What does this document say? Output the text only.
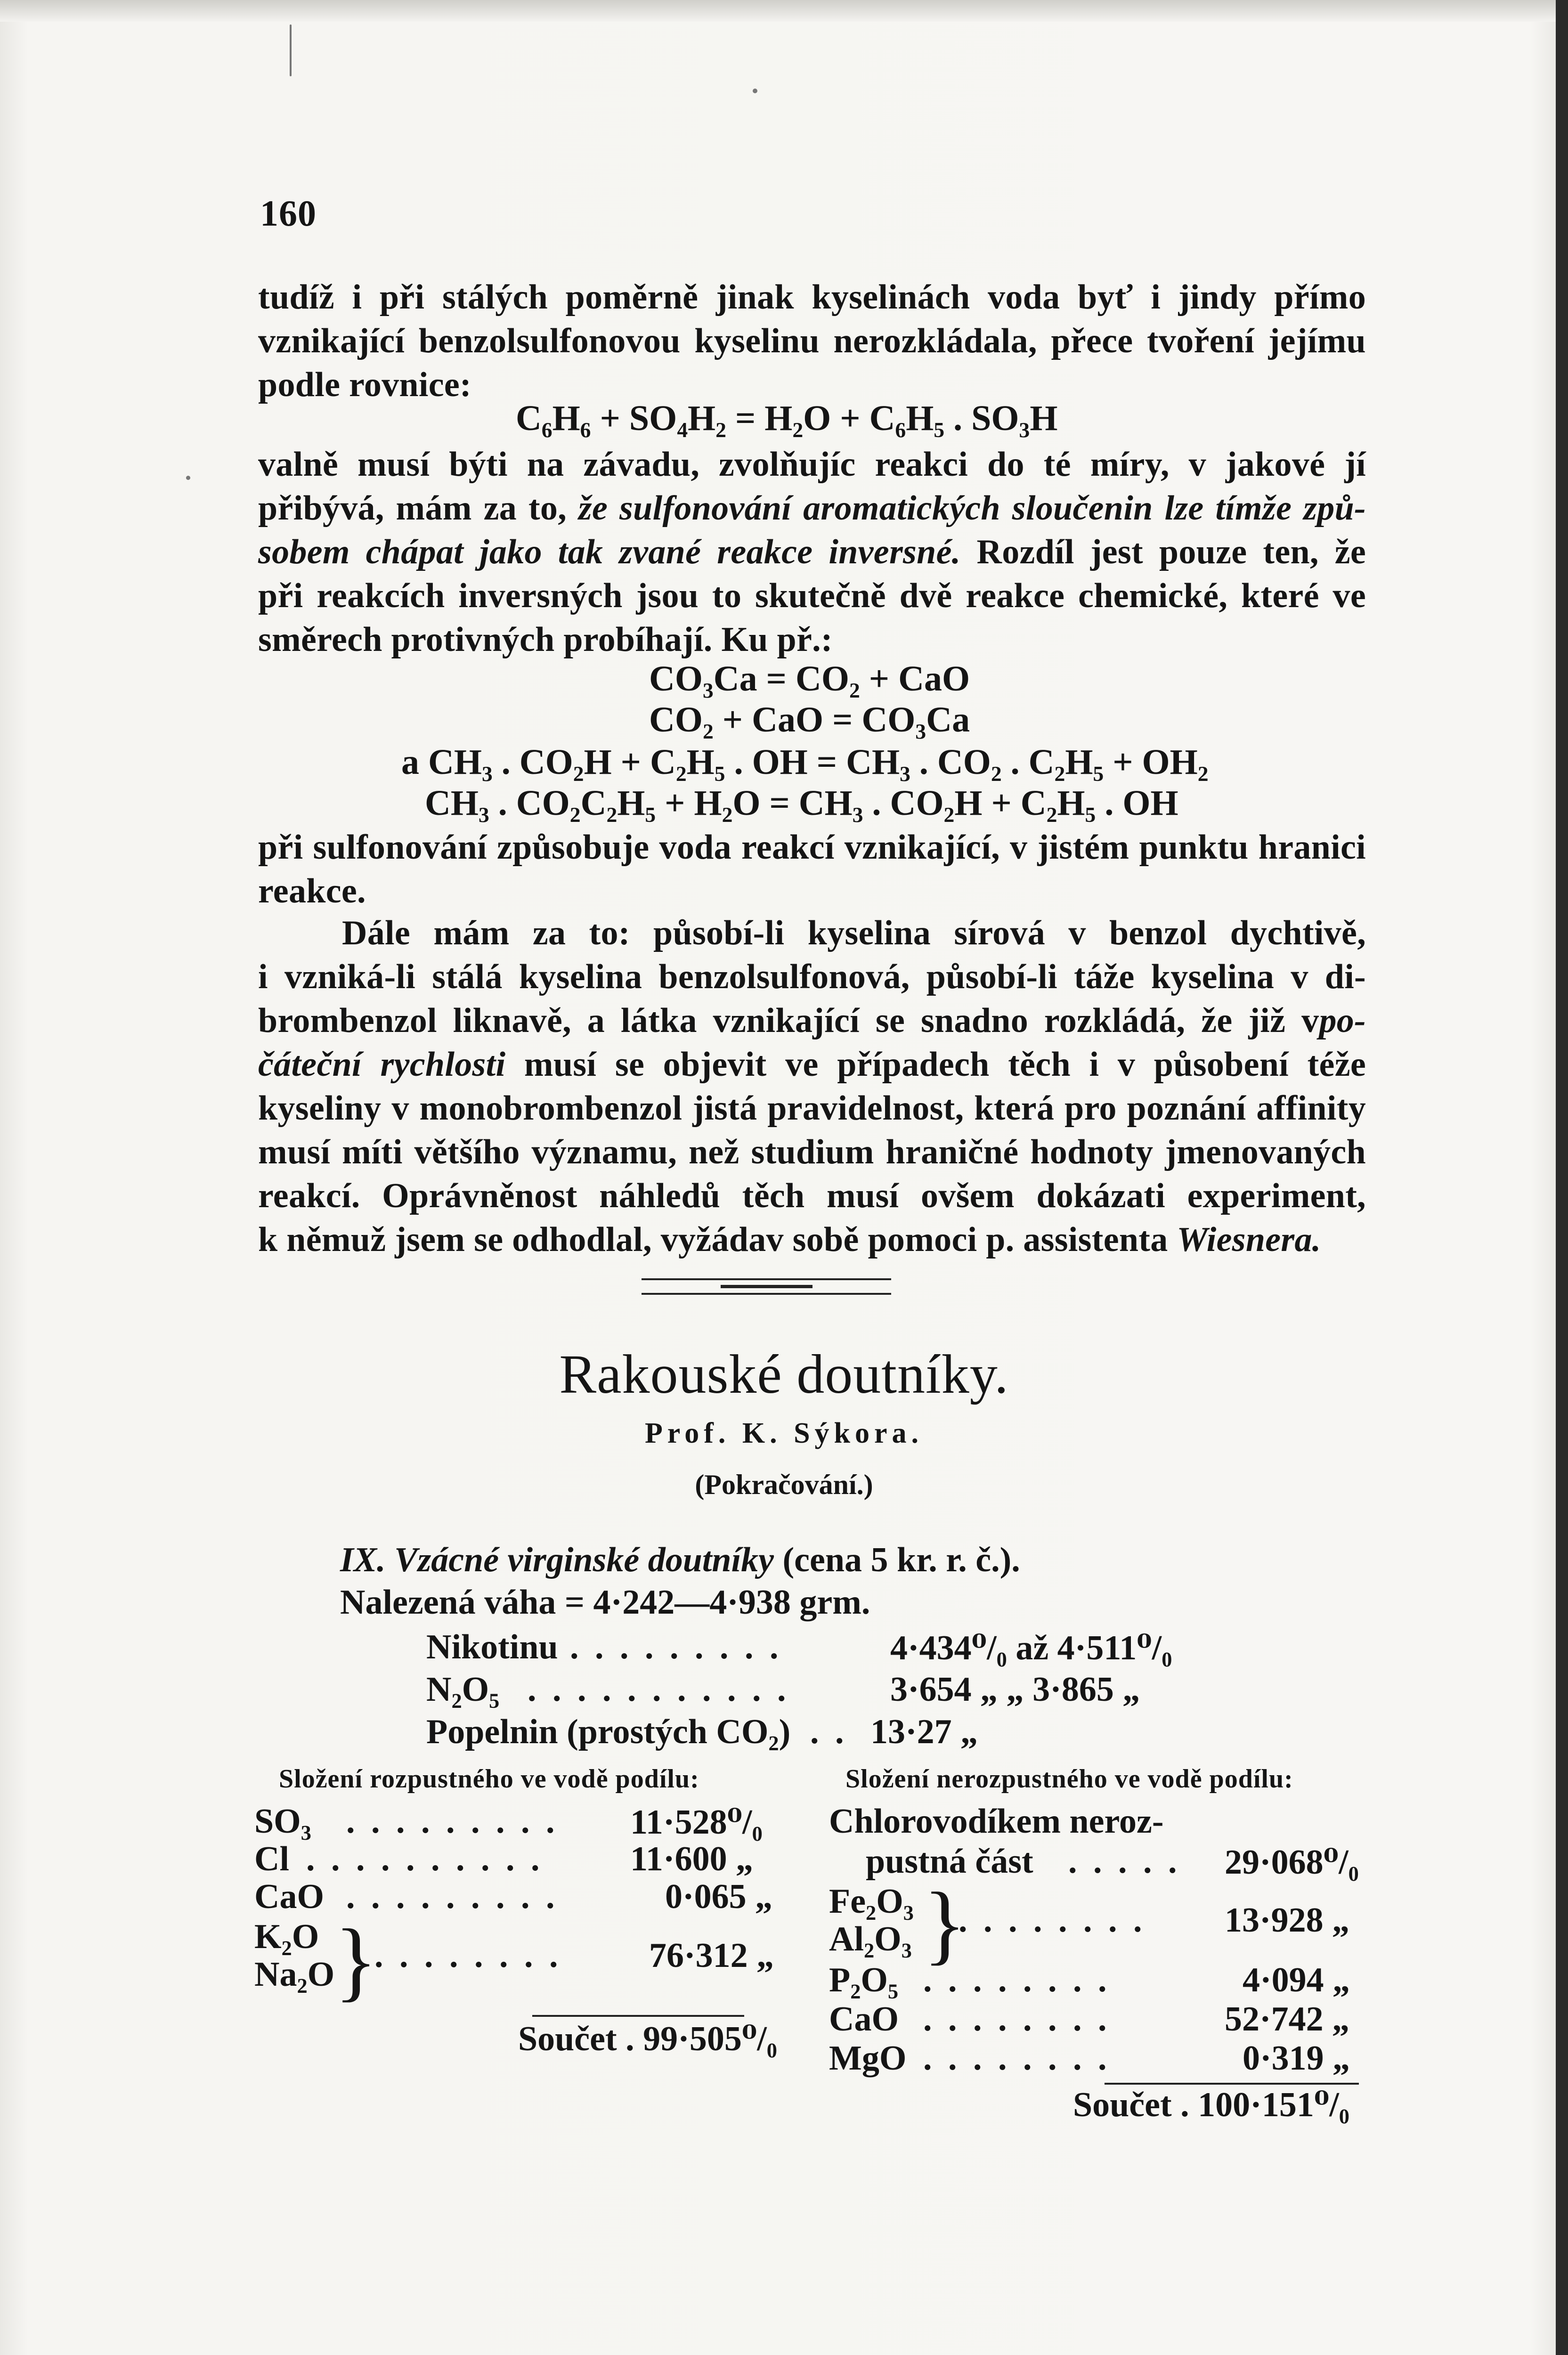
160
tudíž i při stálých poměrně jinak kyselinách voda byť i jindy přímo
vznikající benzolsulfonovou kyselinu nerozkládala, přece tvoření jejímu
podle rovnice:
C₆H₆ + SO₄H₂ = H₂O + C₆H₅ . SO₃H
valně musí býti na závadu, zvolňujíc reakci do té míry, v jakové jí
přibývá, mám za to, že sulfonování aromatických sloučenin lze tímže způ-
sobem chápat jako tak zvané reakce inversné. Rozdíl jest pouze ten, že
při reakcích inversných jsou to skutečně dvě reakce chemické, které ve
směrech protivných probíhají. Ku př.:
CO₃Ca = CO₂ + CaO
CO₂ + CaO = CO₃Ca
a CH₃ . CO₂H + C₂H₅ . OH = CH₃ . CO₂ . C₂H₅ + OH₂
CH₃ . CO₂C₂H₅ + H₂O = CH₃ . CO₂H + C₂H₅ . OH
při sulfonování způsobuje voda reakcí vznikající, v jistém punktu hranici
reakce.
Dále mám za to: působí-li kyselina sírová v benzol dychtivě,
i vzniká-li stálá kyselina benzolsulfonová, působí-li táže kyselina v di-
brombenzol liknavě, a látka vznikající se snadno rozkládá, že již vpo-
čáteční rychlosti musí se objevit ve případech těch i v působení téže
kyseliny v monobrombenzol jistá pravidelnost, která pro poznání affinity
musí míti většího významu, než studium hraničné hodnoty jmenovaných
reakcí. Oprávněnost náhledů těch musí ovšem dokázati experiment,
k němuž jsem se odhodlal, vyžádav sobě pomoci p. assistenta Wiesnera.
Rakouské doutníky.
Prof. K. Sýkora.
(Pokračování.)
IX. Vzácné virginské doutníky (cena 5 kr. r. č.).
Nalezená váha = 4·242—4·938 grm.
Nikotinu . . . . . . . . .	4·434⁰/₀ až 4·511⁰/₀
N₂O₅ . . . . . . . . . . .	3·654 „ „ 3·865 „
Popelnin (prostých CO₂) . . 13·27 „
Složení rozpustného ve vodě podílu:
SO₃ . . . . . . . . . 11·528⁰/₀
Cl . . . . . . . . . . 11·600 „
CaO . . . . . . . . .	0·065 „
K₂O
Na₂O }
. . . . . . . .	76·312 „
Součet . 99·505⁰/₀
Složení nerozpustného ve vodě podílu:
Chlorovodíkem neroz-
pustná část . . . . . 29·068⁰/₀
Fe₂O₃
Al₂O₃ }
. . . . . . . . 13·928 „
P₂O₅ . . . . . . . .	4·094 „
CaO . . . . . . . .	52·742 „
MgO . . . . . . . .	0·319 „
Součet . 100·151⁰/₀
